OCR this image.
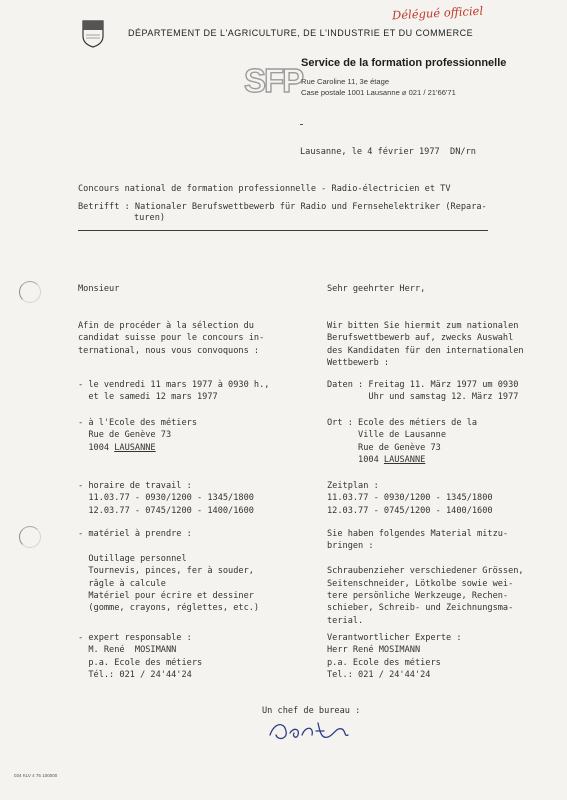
DÉPARTEMENT DE L'AGRICULTURE, DE L'INDUSTRIE ET DU COMMERCE
Délégué officiel
SFP
Service de la formation professionnelle
Rue Caroline 11, 3e étage
Case postale 1001 Lausanne ⌀ 021 / 21'66'71
Lausanne, le 4 février 1977  DN/rn
Concours national de formation professionnelle - Radio-électricien et TV
Betrifft : Nationaler Berufswettbewerb für Radio und Fernsehelektriker (Repara-
turen)
Monsieur
Afin de procéder à la sélection du
candidat suisse pour le concours in-
ternational, nous vous convoquons :
- le vendredi 11 mars 1977 à 0930 h.,
et le samedi 12 mars 1977
- à l'Ecole des métiers
Rue de Genève 73
1004 LAUSANNE
- horaire de travail :
11.03.77 - 0930/1200 - 1345/1800
12.03.77 - 0745/1200 - 1400/1600
- matériel à prendre :

Outillage personnel
Tournevis, pinces, fer à souder,
râgle à calcule
Matériel pour écrire et dessiner
(gomme, crayons, réglettes, etc.)
- expert responsable :
M. René  MOSIMANN
p.a. Ecole des métiers
Tél.: 021 / 24'44'24
Sehr geehrter Herr,
Wir bitten Sie hiermit zum nationalen
Berufswettbewerb auf, zwecks Auswahl
des Kandidaten für den internationalen
Wettbewerb :
Daten : Freitag 11. März 1977 um 0930
Uhr und samstag 12. März 1977
Ort : Ecole des métiers de la
Ville de Lausanne
Rue de Genève 73
1004 LAUSANNE
Zeitplan :
11.03.77 - 0930/1200 - 1345/1800
12.03.77 - 0745/1200 - 1400/1600
Sie haben folgendes Material mitzu-
bringen :

Schraubenzieher verschiedener Grössen,
Seitenschneider, Lötkolbe sowie wei-
tere persönliche Werkzeuge, Rechen-
schieber, Schreib- und Zeichnungsma-
terial.
Verantwortlicher Experte :
Herr René MOSIMANN
p.a. Ecole des métiers
Tel.: 021 / 24'44'24
Un chef de bureau :
034 KLV 4 75 100000
